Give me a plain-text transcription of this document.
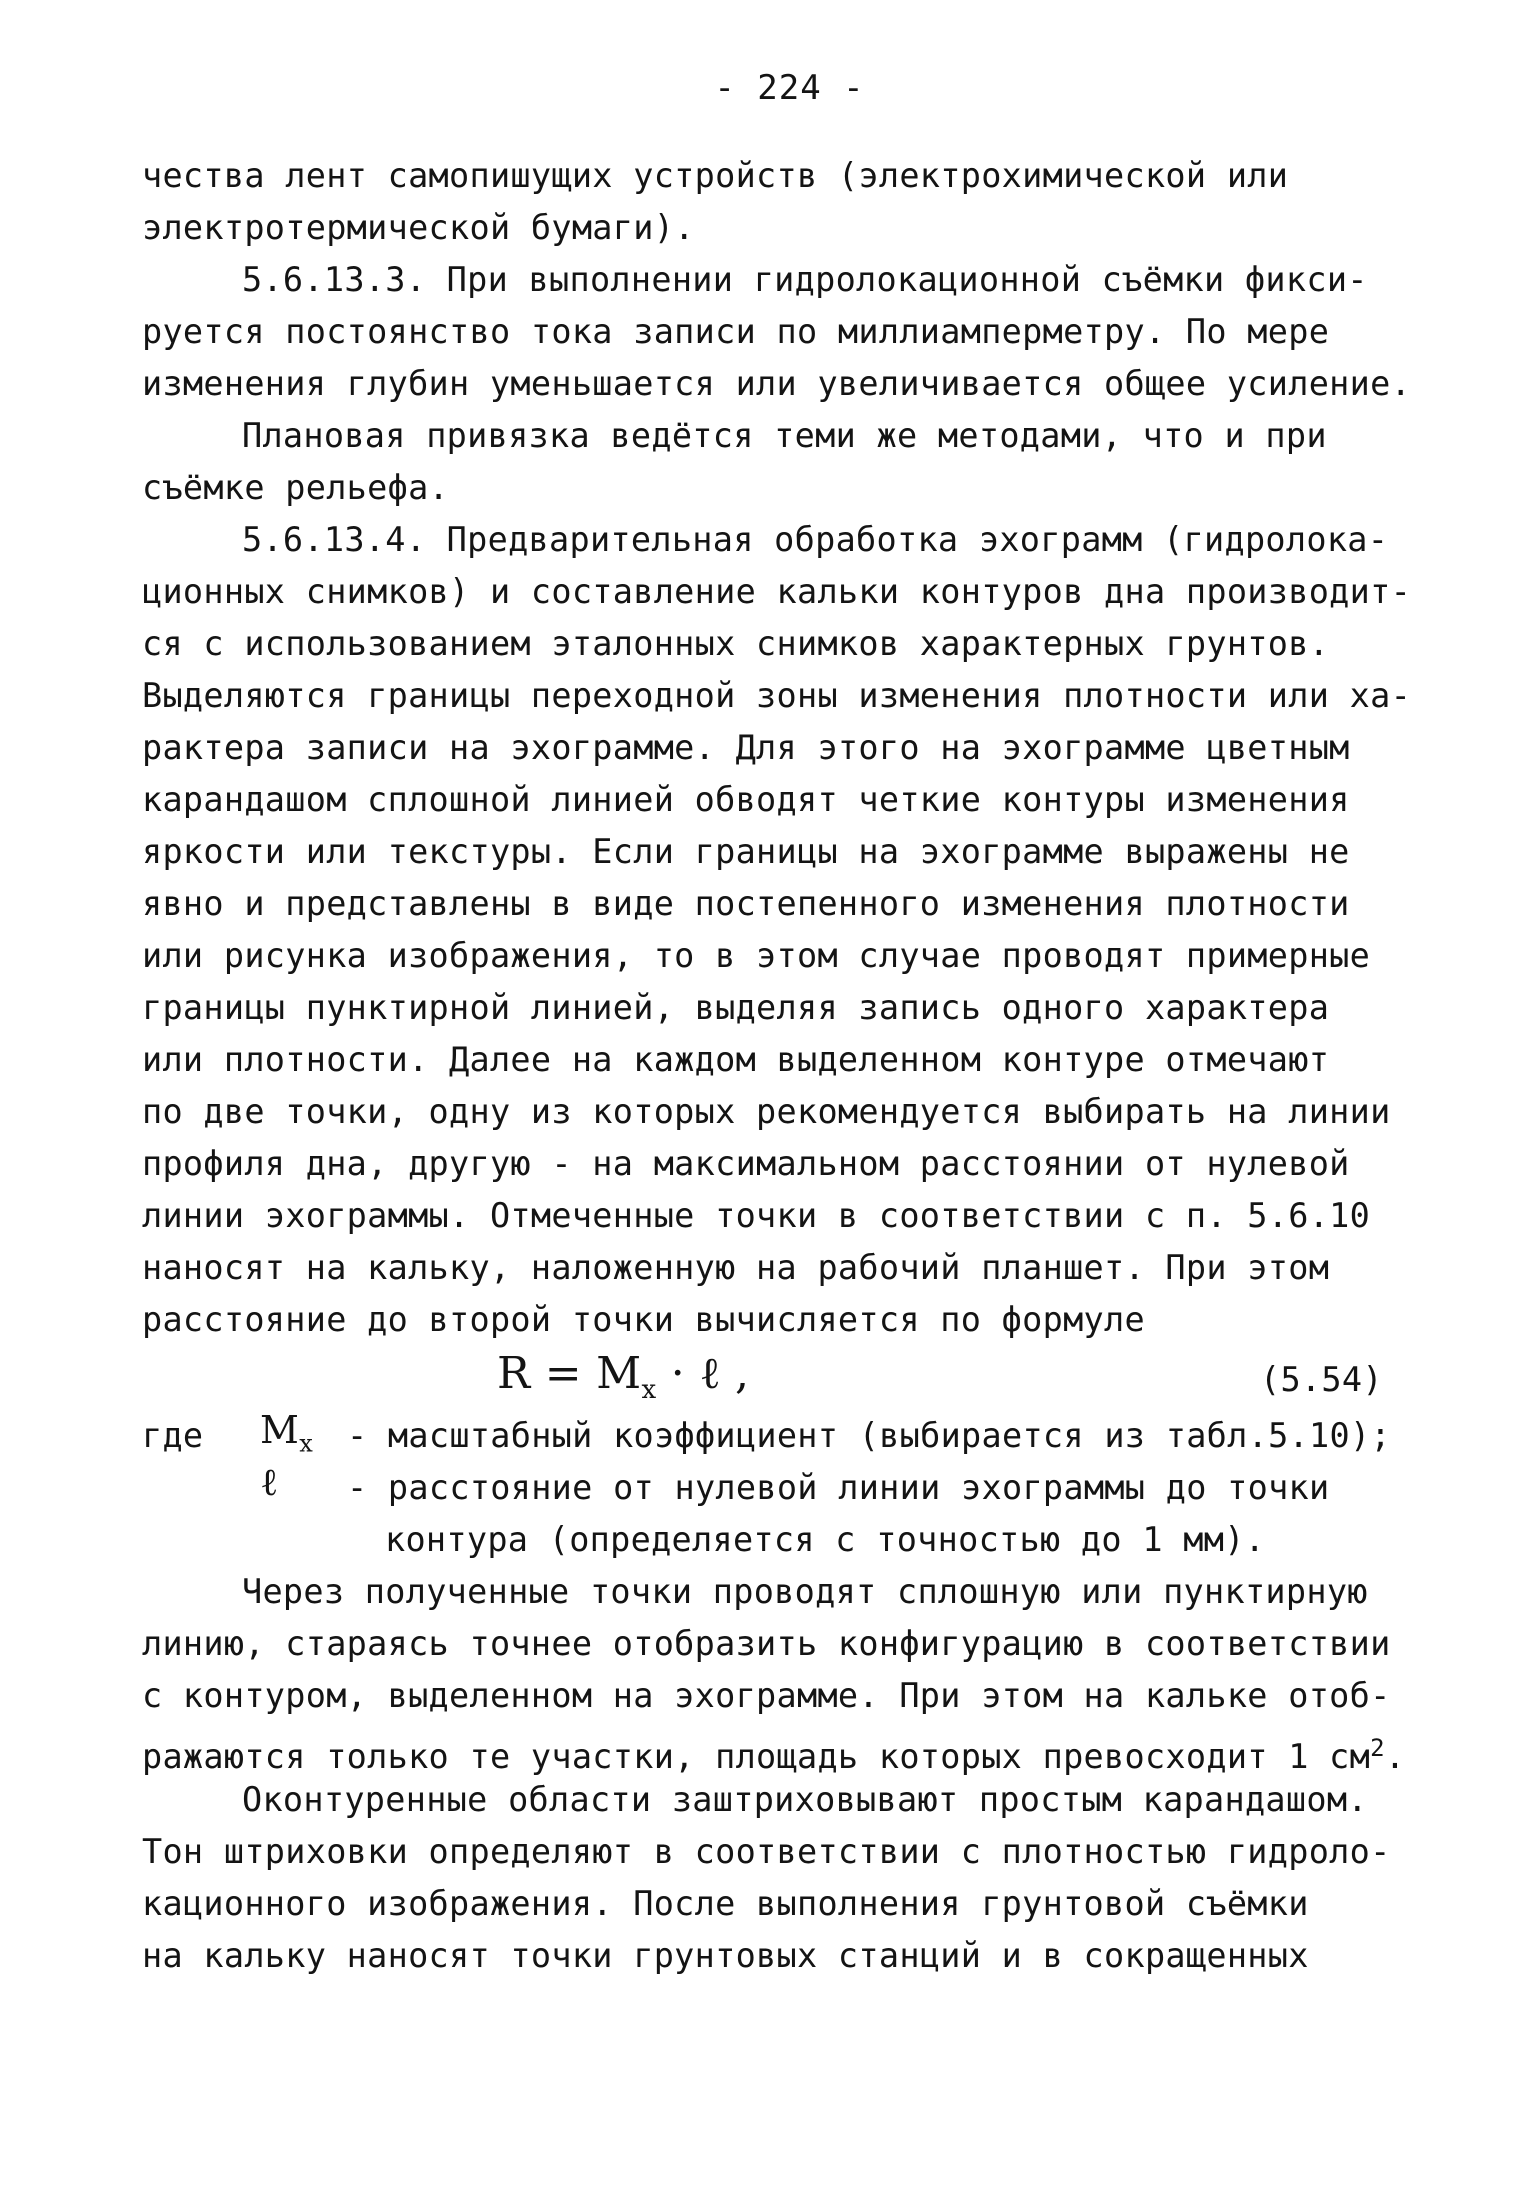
- 224 -
чества лент самопишущих устройств (электрохимической или
электротермической бумаги).
5.6.13.3. При выполнении гидролокационной съёмки фикси-
руется постоянство тока записи по миллиамперметру. По мере
изменения глубин уменьшается или увеличивается общее усиление.
Плановая привязка ведётся теми же методами, что и при
съёмке рельефа.
5.6.13.4. Предварительная обработка эхограмм (гидролока-
ционных снимков) и составление кальки контуров дна производит-
ся с использованием эталонных снимков характерных грунтов.
Выделяются границы переходной зоны изменения плотности или ха-
рактера записи на эхограмме. Для этого на эхограмме цветным
карандашом сплошной линией обводят четкие контуры изменения
яркости или текстуры. Если границы на эхограмме выражены не
явно и представлены в виде постепенного изменения плотности
или рисунка изображения, то в этом случае проводят примерные
границы пунктирной линией, выделяя запись одного характера
или плотности. Далее на каждом выделенном контуре отмечают
по две точки, одну из которых рекомендуется выбирать на линии
профиля дна, другую - на максимальном расстоянии от нулевой
линии эхограммы. Отмеченные точки в соответствии с п. 5.6.10
наносят на кальку, наложенную на рабочий планшет. При этом
расстояние до второй точки вычисляется по формуле
$R = M_x$ · ℓ ,	(5.54)
где $M_x$ - масштабный коэффициент (выбирается из табл.5.10);
ℓ - расстояние от нулевой линии эхограммы до точки
контура (определяется с точностью до 1 мм).
Через полученные точки проводят сплошную или пунктирную
линию, стараясь точнее отобразить конфигурацию в соответствии
с контуром, выделенном на эхограмме. При этом на кальке отоб-
ражаются только те участки, площадь которых превосходит 1 $см^2$.
Оконтуренные области заштриховывают простым карандашом.
Тон штриховки определяют в соответствии с плотностью гидроло-
кационного изображения. После выполнения грунтовой съёмки
на кальку наносят точки грунтовых станций и в сокращенных
